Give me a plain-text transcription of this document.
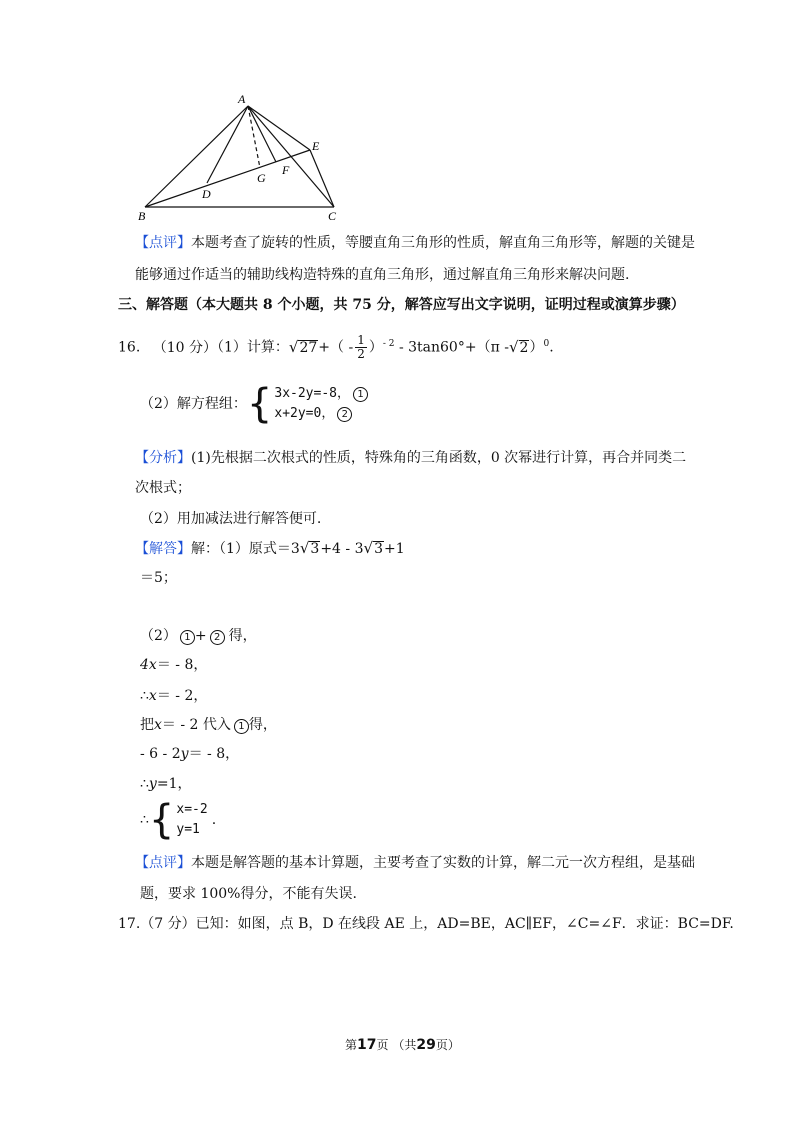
A
B	C
D
E
F
G
【点评】本题考查了旋转的性质，等腰直角三角形的性质，解直角三角形等，解题的关键是
能够通过作适当的辅助线构造特殊的直角三角形，通过解直角三角形来解决问题.
三、解答题（本大题共 8 个小题，共 75 分，解答应写出文字说明，证明过程或演算步骤）
16. （10 分）（1）计算： √ 27 +（ - $\frac{1}{2} )^{- 2} - 3\tan 60^\circ+(\pi$ - √ 2 ）$^0$.
（2）解方程组： { 3x-2y=-8， 1
x+2y=0， 2
【分析】(1)先根据二次根式的性质，特殊角的三角函数，0 次幂进行计算，再合并同类二
次根式；
（2）用加减法进行解答便可.
【解答】解：（1）原式＝3 √ 3 +4 - 3 √ 3 +1
＝5；
（2） 1 + 2 得，
4x＝ - 8，
∴x＝ - 2，
把x＝ - 2 代入 1 得，
- 6 - 2y＝ - 8，
∴y=1，
∴ { x=-2
y=1
.
【点评】本题是解答题的基本计算题，主要考查了实数的计算，解二元一次方程组，是基础
题，要求 100%得分，不能有失误.
17.（7 分）已知：如图，点 B，D 在线段 AE 上，AD=BE，AC∥EF，∠C=∠F．求证：BC=DF.
第17页 （共29页）
